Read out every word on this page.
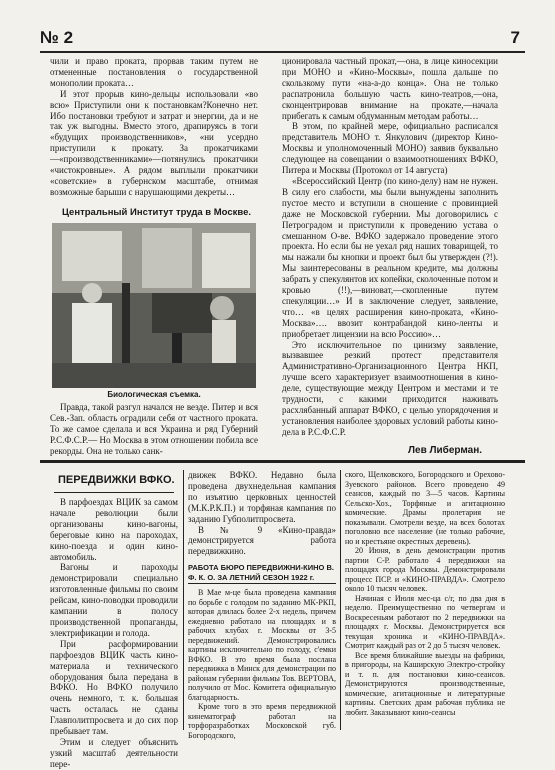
№ 2	7

чили и право проката, прорвав таким путем не отмененные постановления о государственной монополии проката…

И этот прорыв кино-дельцы использовали «во всю» Приступили они к постановкам?Конечно нет. Ибо постановки требуют и затрат и энергии, да и не так уж выгодны. Вместо этого, драпируясь в тоги «будущих производственников», «ни усердно приступили к прокату. За прокатчиками—«производственниками»—потянулись прокатчики «чистокровные». А рядом выплыли прокатчики «советские» в губернском масштабе, отнимая возможные барыши с нарушающими декреты…

Центральный Институт труда в Москве.
Биологическая съемка.

Правда, такой разгул начался не везде. Питер и вся Сев.-Зап. область оградили себя от частного проката. То же самое сделала и вся Украина и ряд Губерний Р.С.Ф.С.Р.— Но Москва в этом отношении побила все рекорды. Она не только санк-

ционировала частный прокат,—она, в лице киносекции при МОНО и «Кино-Москвы», пошла дальше по скользкому пути «на-а-до конца». Она не только распатронила большую часть кино-театров,—она, сконцентрировав внимание на прокате,—начала прибегать к самым обдуманным методам работы…

В этом, по крайней мере, официально расписался представитель МОНО т. Янкулович (директор Кино-Москвы и уполномоченный МОНО) заявив буквально следующее на совещании о взаимоотношениях ВФКО, Питера и Москвы (Протокол от 14 августа)

«Всероссийский Центр (по кино-делу) нам не нужен. В силу его слабости, мы были вынуждены заполнить пустое место и вступили в сношение с провинцией даже не Московской губернии. Мы договорились с Петроградом и приступили к проведению устава о смешанном О-ве. ВФКО задержало проведение этого проекта. Но если бы не уехал ряд наших товарищей, то мы нажали бы кнопки и проект был бы утвержден (?!). Мы заинтересованы в реальном кредите, мы должны забрать у спекулянтов их копейки, сколоченные потом и кровью (!!),—виноват,—скопленные путем спекуляции…» И в заключение следует, заявление, что… «в целях расширения кино-проката, «Кино-Москва»…. ввозит контрабандой кино-ленты и приобретает лицензии на всю Россию»…

Это исключительное по цинизму заявление, вызвавшее резкий протест представителя Административно-Организационного Центра НКП, лучше всего характеризует взаимоотношения в кино-деле, существующие между Центром и местами и те трудности, с какими приходится наживать расхлябанный аппарат ВФКО, с целью упорядочения и установления наиболее здоровых условий работы кино-дела в Р.С.Ф.С.Р.

Лев Либерман.
ПЕРЕДВИЖКИ ВФКО.

В парфоездах ВЦИК за самом начале революции были организованы кино-вагоны, береговые кино на пароходах, кино-поезда и один кино-автомобиль.

Вагоны и пароходы демонстрировали специально изготовленные фильмы по своим рейсам, кино-поводки проводили кампании в полосу производственной пропаганды, электрификации и голода.

При расформировании парфоездов ВЦИК часть кино-материала и технического оборудования была передана в ВФКО. Но ВФКО получило очень немного, т. к. большая часть осталась не сданы Главполитпросвета и до сих пор пребывает там.

Этим и следует объяснить узкий масштаб деятельности пере-

движек ВФКО. Недавно была проведена двухнедельная кампания по изъятию церковных ценностей (М.К.Р.К.П.) и торфяная кампания по заданию Губполитпросвета.

В № 9 «Кино-правда» демонстрируется работа передвижкино.

РАБОТА БЮРО ПЕРЕДВИЖНИ-КИНО В. Ф. К. О. ЗА ЛЕТНИЙ СЕЗОН 1922 г.

В Мае м-це была проведена кампания по борьбе с голодом по заданию МК-РКП, которая длилась более 2-х недель, причем ежедневно работало на площадях и в рабочих клубах г. Москвы от 3-5 передвижений. Демонстрировались картины исключительно по голоду, с'емки ВФКО. В это время была послана передвижка в Минск для демонстрации по районам губернии фильмы Тов. ВЕРТОВА, получило от Мос. Комитета официальную благодарность.

Кроме того в это время передвижной кинематограф работал на торфоразработках Московской губ. Богородского,

ского, Щелковского, Богородского и Орехово-Зуевского районов. Всего проведено 49 сеансов, каждый по 3—5 часов. Картины Сельско-Хоз., Торфяные и агитационно комические. Драмы пролетария не показывали. Смотрели везде, на всех болотах поголовно все население (не только рабочие, но и крестьяне окрестных деревень).

20 Июня, в день демонстрации против партии С-Р. работало 4 передвижки на площадях города Москвы. Демонстрировали процесс ПСР. и «КИНО-ПРАВДА». Смотрело около 10 тысяч человек.

Начиная с Июля мес-ца с/г, по два дня в неделю. Преимущественно по четвергам и Воскресеньям работают по 2 передвижки на площадях г. Москвы. Демонстрируется вся текущая хроника и «КИНО-ПРАВДА». Смотрит каждый раз от 2 до 5 тысяч человек.

Все время ближайшие выезды на фабрики, в пригороды, на Каширскую Электро-стройку и т. п. для постановки кино-сеансов. Демонстрируются производственные, комические, агитационные и литературные картины. Светских драм рабочая публика не любит. Заказывают кино-сеансы
